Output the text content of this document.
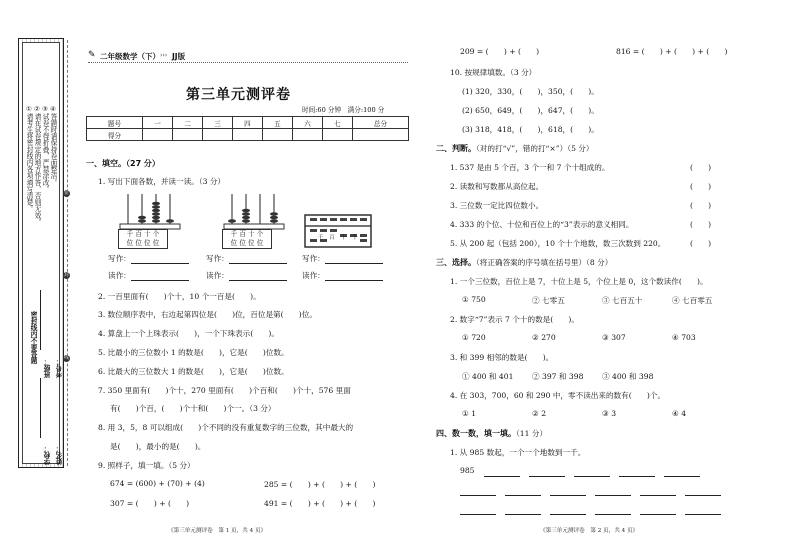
①请考生将密封线内各项填写清楚。 ②请在试卷规定的地方作答，否则无效。 ③试卷不得折叠，严禁涂改。 ④答题时请保持卷面整洁。
密封线内不要答题
密
封
线
学校：
班级：
姓名：
考号：
✎ 二年级数学（下） ››› JJ版
第三单元测评卷
时间:60 分钟　满分:100 分
题号	一	二	三	四	五	六	七	总分
得分								
一、填空。（27 分）
1. 写出下面各数，并读一读。（3 分）
千 百 十 个
位 位 位 位
千 百 十 个
位 位 位 位
千百十个
写作：	写作：	写作：
读作：	读作：	读作：
2. 一百里面有(　　)个十，10 个一百是(　　)。
3. 数位顺序表中，右边起第四位是(　　)位，百位是第(　　)位。
4. 算盘上一个上珠表示(　　)，一个下珠表示(　　)。
5. 比最小的三位数小 1 的数是(　　)，它是(　　)位数。
6. 比最大的三位数大 1 的数是(　　)，它是(　　)位数。
7. 350 里面有(　　)个十，270 里面有(　　)个百和(　　)个十，576 里面
有(　　)个百，(　　)个十和(　　)个一。（3 分）
8. 用 3，5，8 可以组成(　　)个不同的没有重复数字的三位数，其中最大的
是(　　)，最小的是(　　)。
9. 照样子，填一填。（5 分）
674 = (600) + (70) + (4)	285 = (　　) + (　　) + (　　)
307 = (　　) + (　　)	491 = (　　) + (　　) + (　　)
《第三单元测评卷　第 1 页，共 4 页》
209 = (　　) + (　　)	816 = (　　) + (　　) + (　　)
10. 按规律填数。（3 分）
(1) 320，330，(　　)，350，(　　)。
(2) 650，649，(　　)，647，(　　)。
(3) 318，418，(　　)，618，(　　)。
二、判断。（对的打“√”，错的打“×”）（5 分）
1. 537 是由 5 个百，3 个一和 7 个十组成的。	(　　)
2. 读数和写数都从高位起。	(　　)
3. 三位数一定比四位数小。	(　　)
4. 333 的个位、十位和百位上的“3”表示的意义相同。	(　　)
5. 从 200 起（包括 200），10 个十个地数，数三次数到 220。	(　　)
三、选择。（将正确答案的序号填在括号里）（8 分）
1. 一个三位数，百位上是 7，十位上是 5，个位上是 0，这个数读作(　　)。
① 750	② 七零五	③ 七百五十	④ 七百零五
2. 数字“7”表示 7 个十的数是(　　)。
① 720	② 270	③ 307	④ 703
3. 和 399 相邻的数是(　　)。
① 400 和 401 ② 397 和 398 ③ 400 和 398
4. 在 303，700，60 和 290 中，零不读出来的数有(　　)个。
① 1	② 2	③ 3	④ 4
四、数一数，填一填。（11 分）
1. 从 985 数起，一个一个地数到一千。
985
《第三单元测评卷　第 2 页，共 4 页》
